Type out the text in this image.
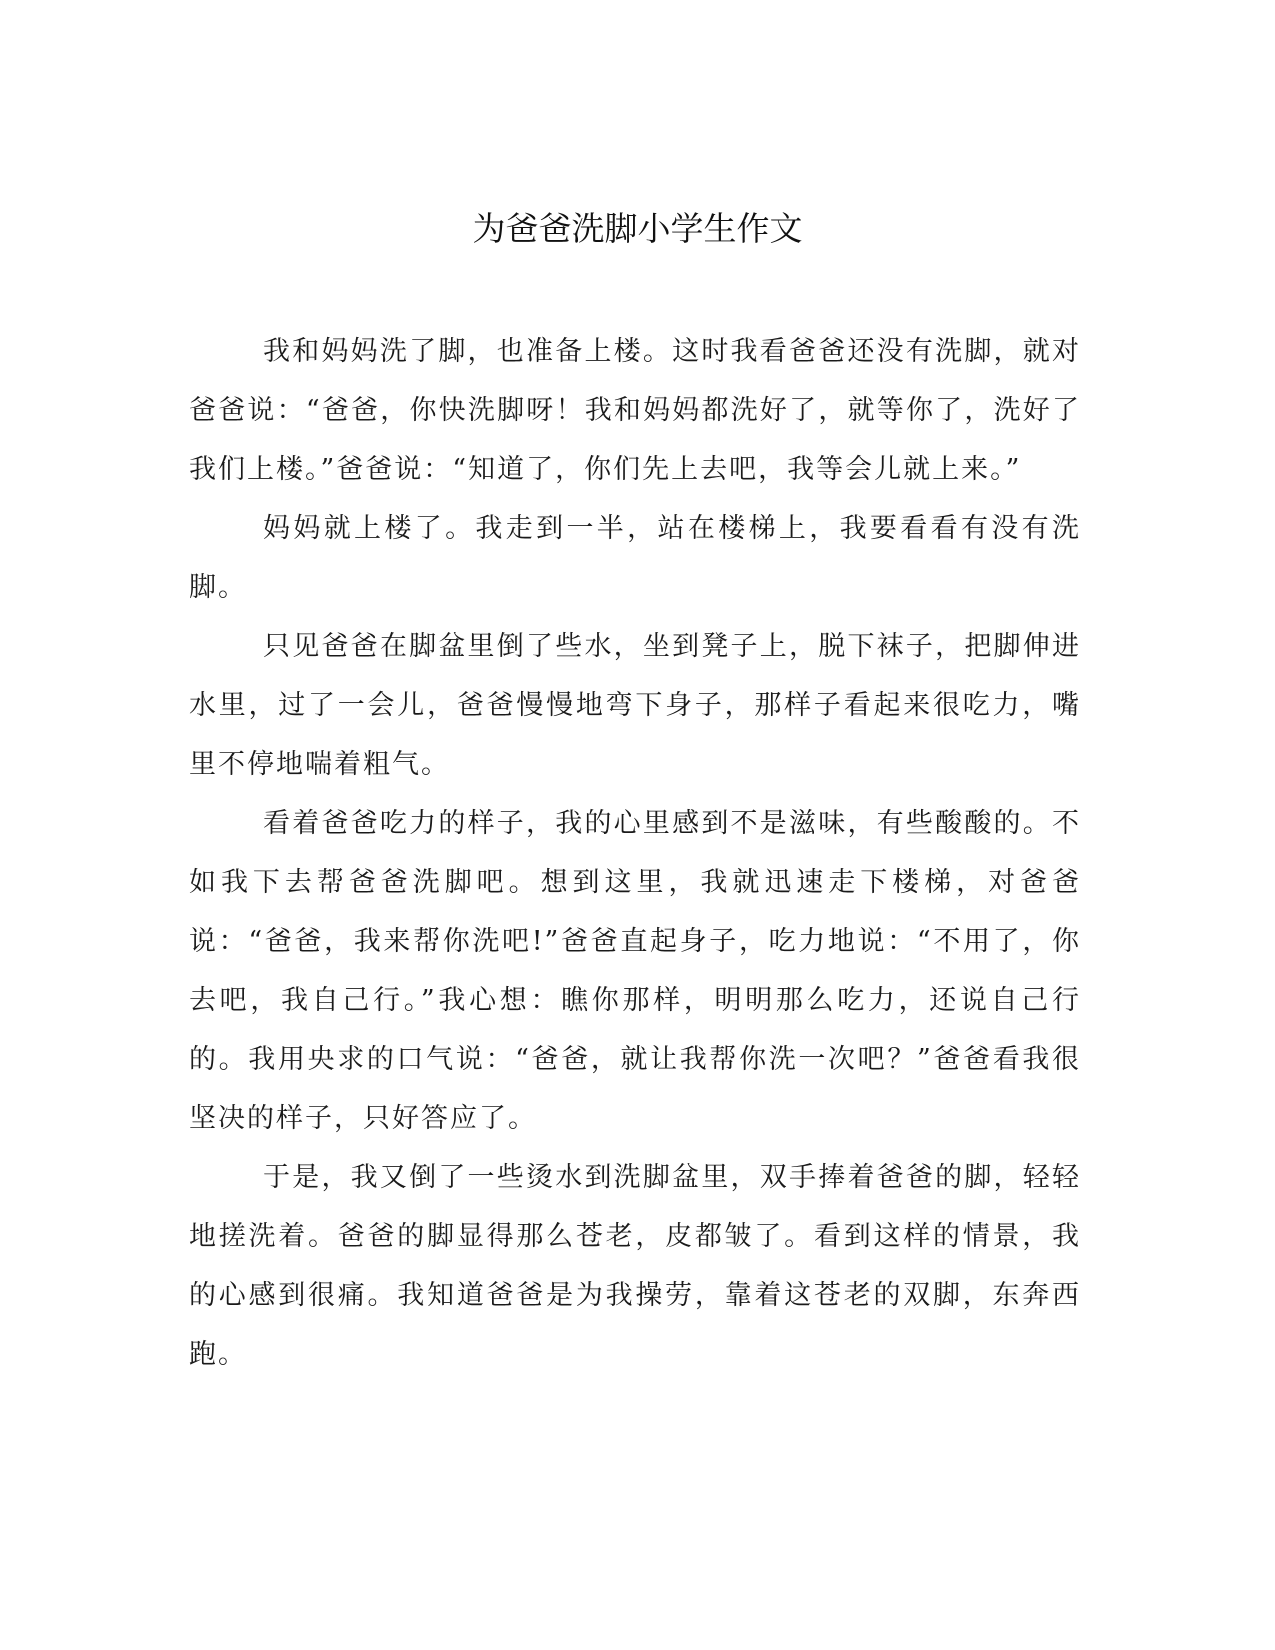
为爸爸洗脚小学生作文

我和妈妈洗了脚，也准备上楼。这时我看爸爸还没有洗脚，就对爸爸说：“爸爸，你快洗脚呀！我和妈妈都洗好了，就等你了，洗好了我们上楼。”爸爸说：“知道了，你们先上去吧，我等会儿就上来。”

妈妈就上楼了。我走到一半，站在楼梯上，我要看看有没有洗脚。

只见爸爸在脚盆里倒了些水，坐到凳子上，脱下袜子，把脚伸进水里，过了一会儿，爸爸慢慢地弯下身子，那样子看起来很吃力，嘴里不停地喘着粗气。

看着爸爸吃力的样子，我的心里感到不是滋味，有些酸酸的。不如我下去帮爸爸洗脚吧。想到这里，我就迅速走下楼梯，对爸爸说：“爸爸，我来帮你洗吧!”爸爸直起身子，吃力地说：“不用了，你去吧，我自己行。”我心想：瞧你那样，明明那么吃力，还说自己行的。我用央求的口气说：“爸爸，就让我帮你洗一次吧？”爸爸看我很坚决的样子，只好答应了。

于是，我又倒了一些烫水到洗脚盆里，双手捧着爸爸的脚，轻轻地搓洗着。爸爸的脚显得那么苍老，皮都皱了。看到这样的情景，我的心感到很痛。我知道爸爸是为我操劳，靠着这苍老的双脚，东奔西跑。
